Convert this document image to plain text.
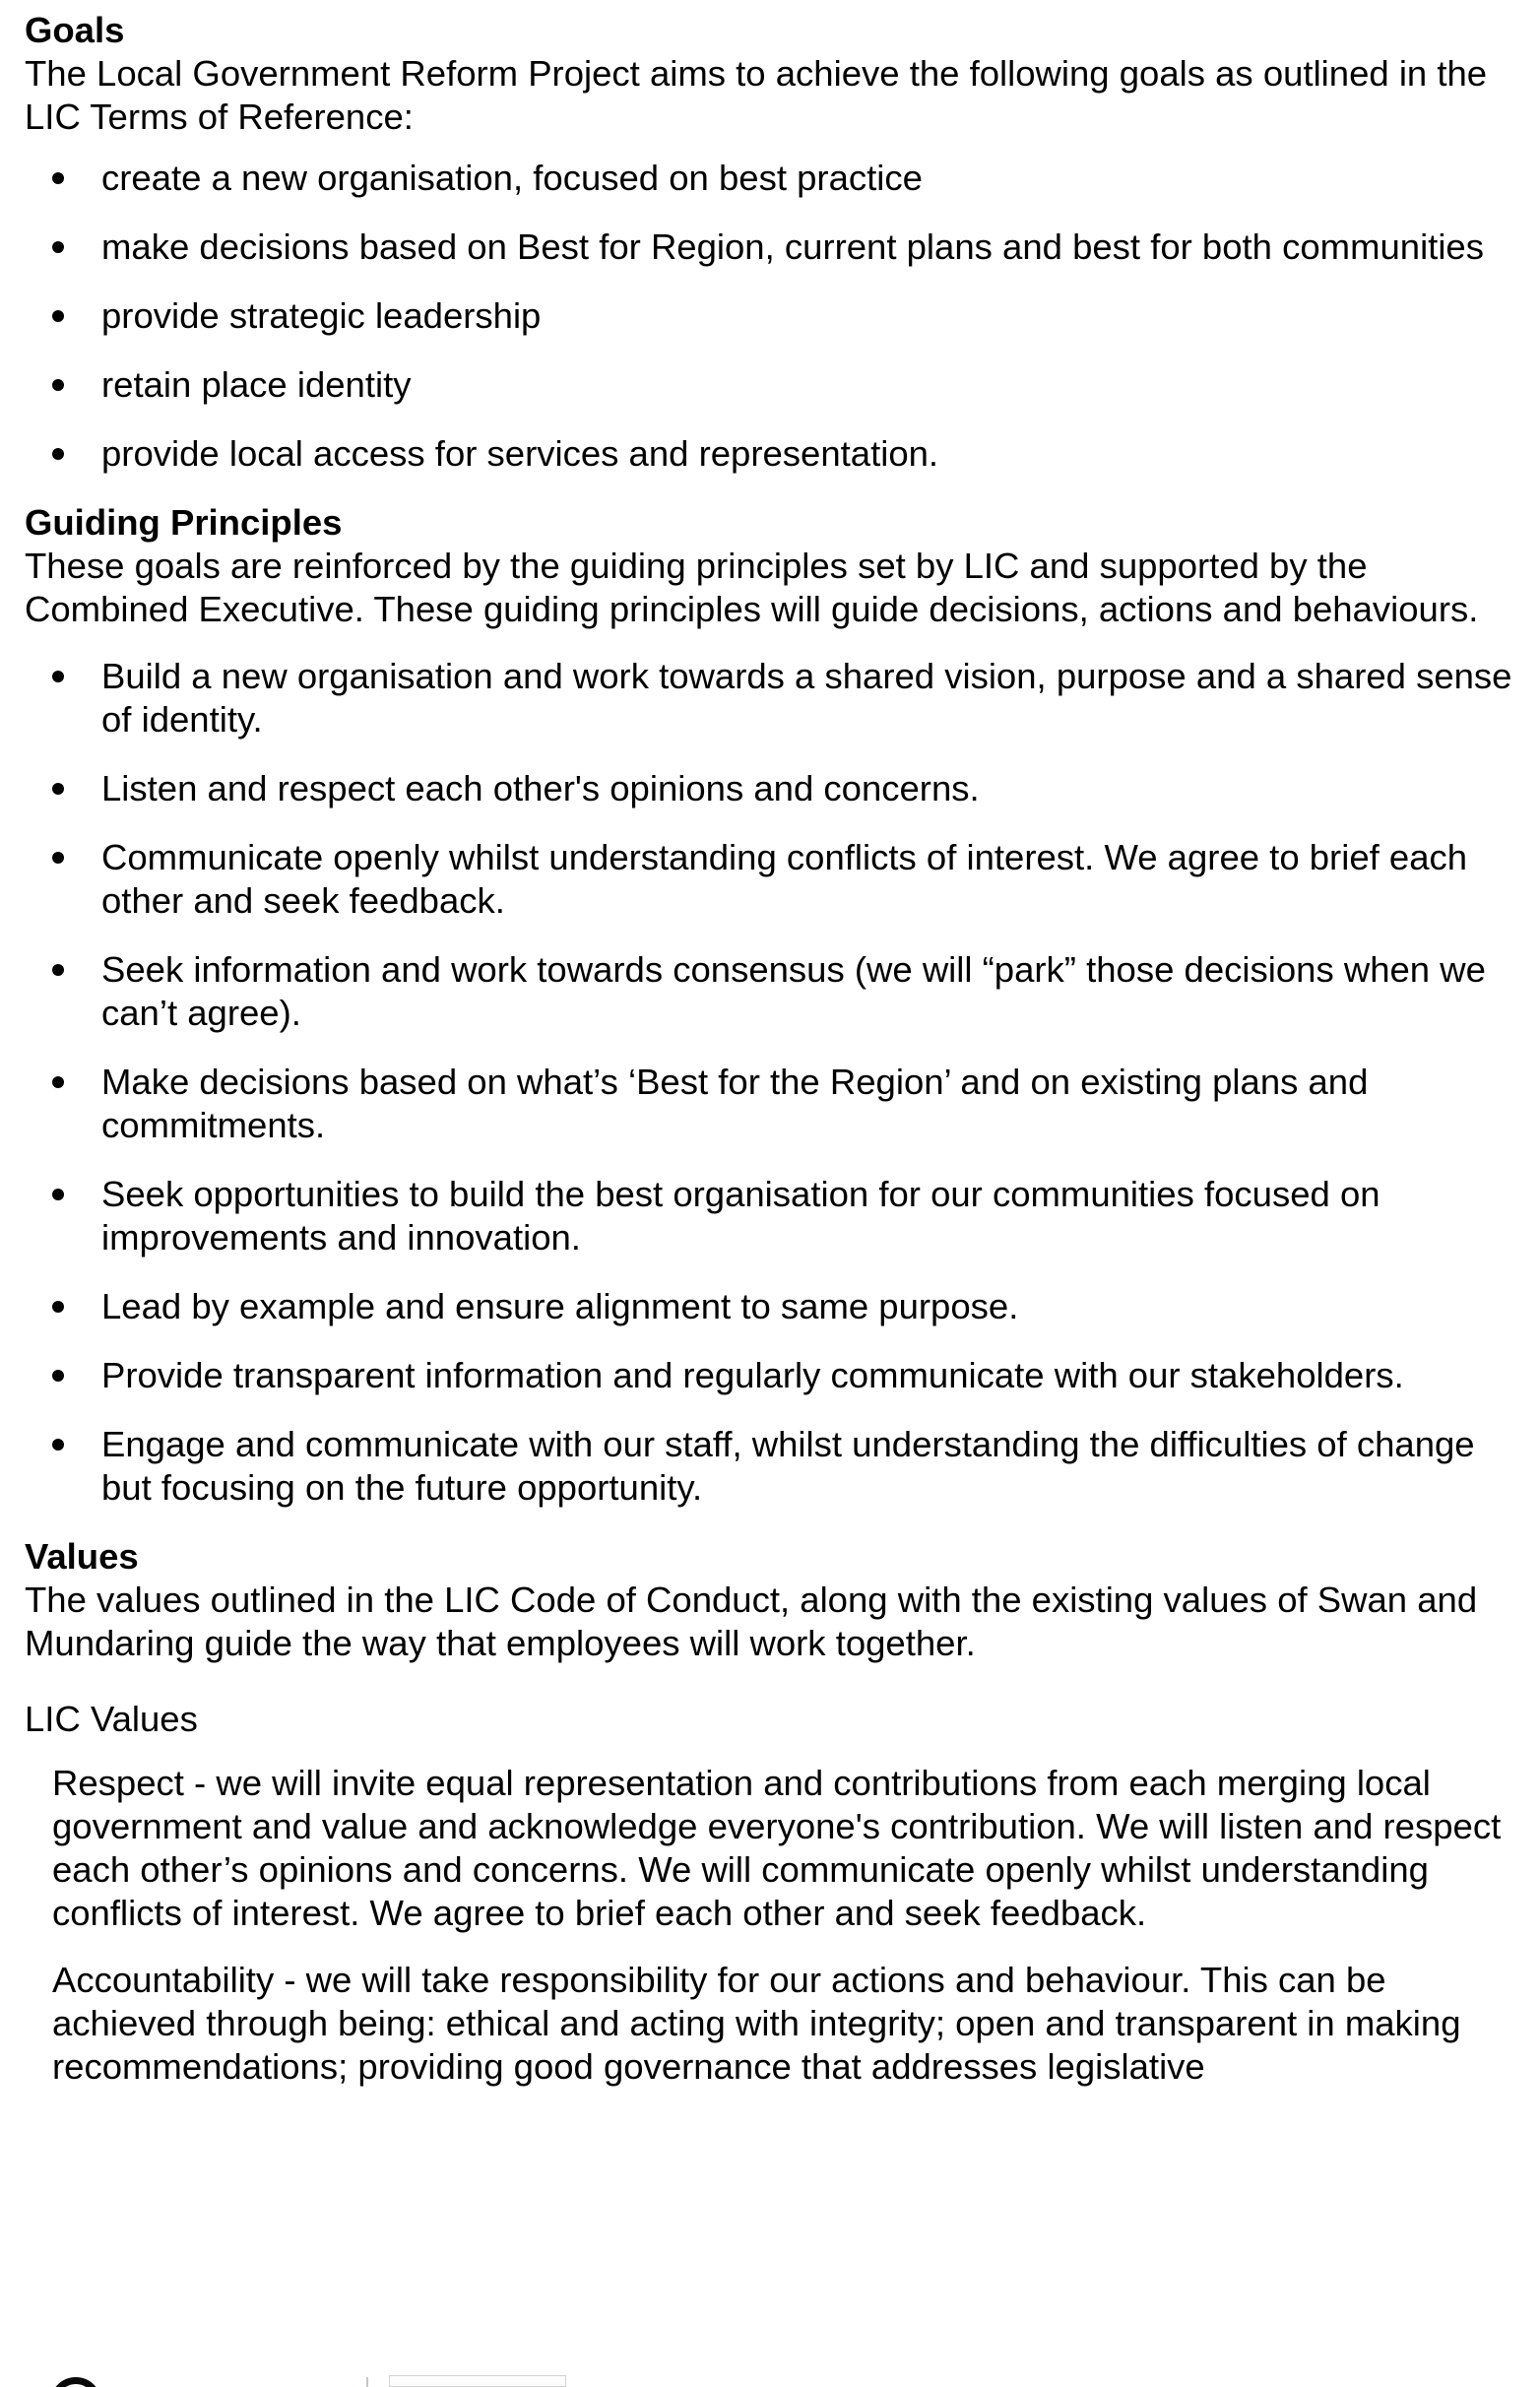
Goals

The Local Government Reform Project aims to achieve the following goals as outlined in the LIC Terms of Reference:

create a new organisation, focused on best practice
make decisions based on Best for Region, current plans and best for both communities
provide strategic leadership
retain place identity
provide local access for services and representation.
Guiding Principles

These goals are reinforced by the guiding principles set by LIC and supported by the Combined Executive. These guiding principles will guide decisions, actions and behaviours.

Build a new organisation and work towards a shared vision, purpose and a shared sense of identity.
Listen and respect each other's opinions and concerns.
Communicate openly whilst understanding conflicts of interest. We agree to brief each other and seek feedback.
Seek information and work towards consensus (we will “park” those decisions when we can’t agree).
Make decisions based on what’s ‘Best for the Region’ and on existing plans and commitments.
Seek opportunities to build the best organisation for our communities focused on improvements and innovation.
Lead by example and ensure alignment to same purpose.
Provide transparent information and regularly communicate with our stakeholders.
Engage and communicate with our staff, whilst understanding the difficulties of change but focusing on the future opportunity.
Values

The values outlined in the LIC Code of Conduct, along with the existing values of Swan and Mundaring guide the way that employees will work together.

LIC Values

Respect - we will invite equal representation and contributions from each merging local government and value and acknowledge everyone's contribution. We will listen and respect each other’s opinions and concerns. We will communicate openly whilst understanding conflicts of interest. We agree to brief each other and seek feedback.

Accountability - we will take responsibility for our actions and behaviour. This can be achieved through being: ethical and acting with integrity; open and transparent in making recommendations; providing good governance that addresses legislative
